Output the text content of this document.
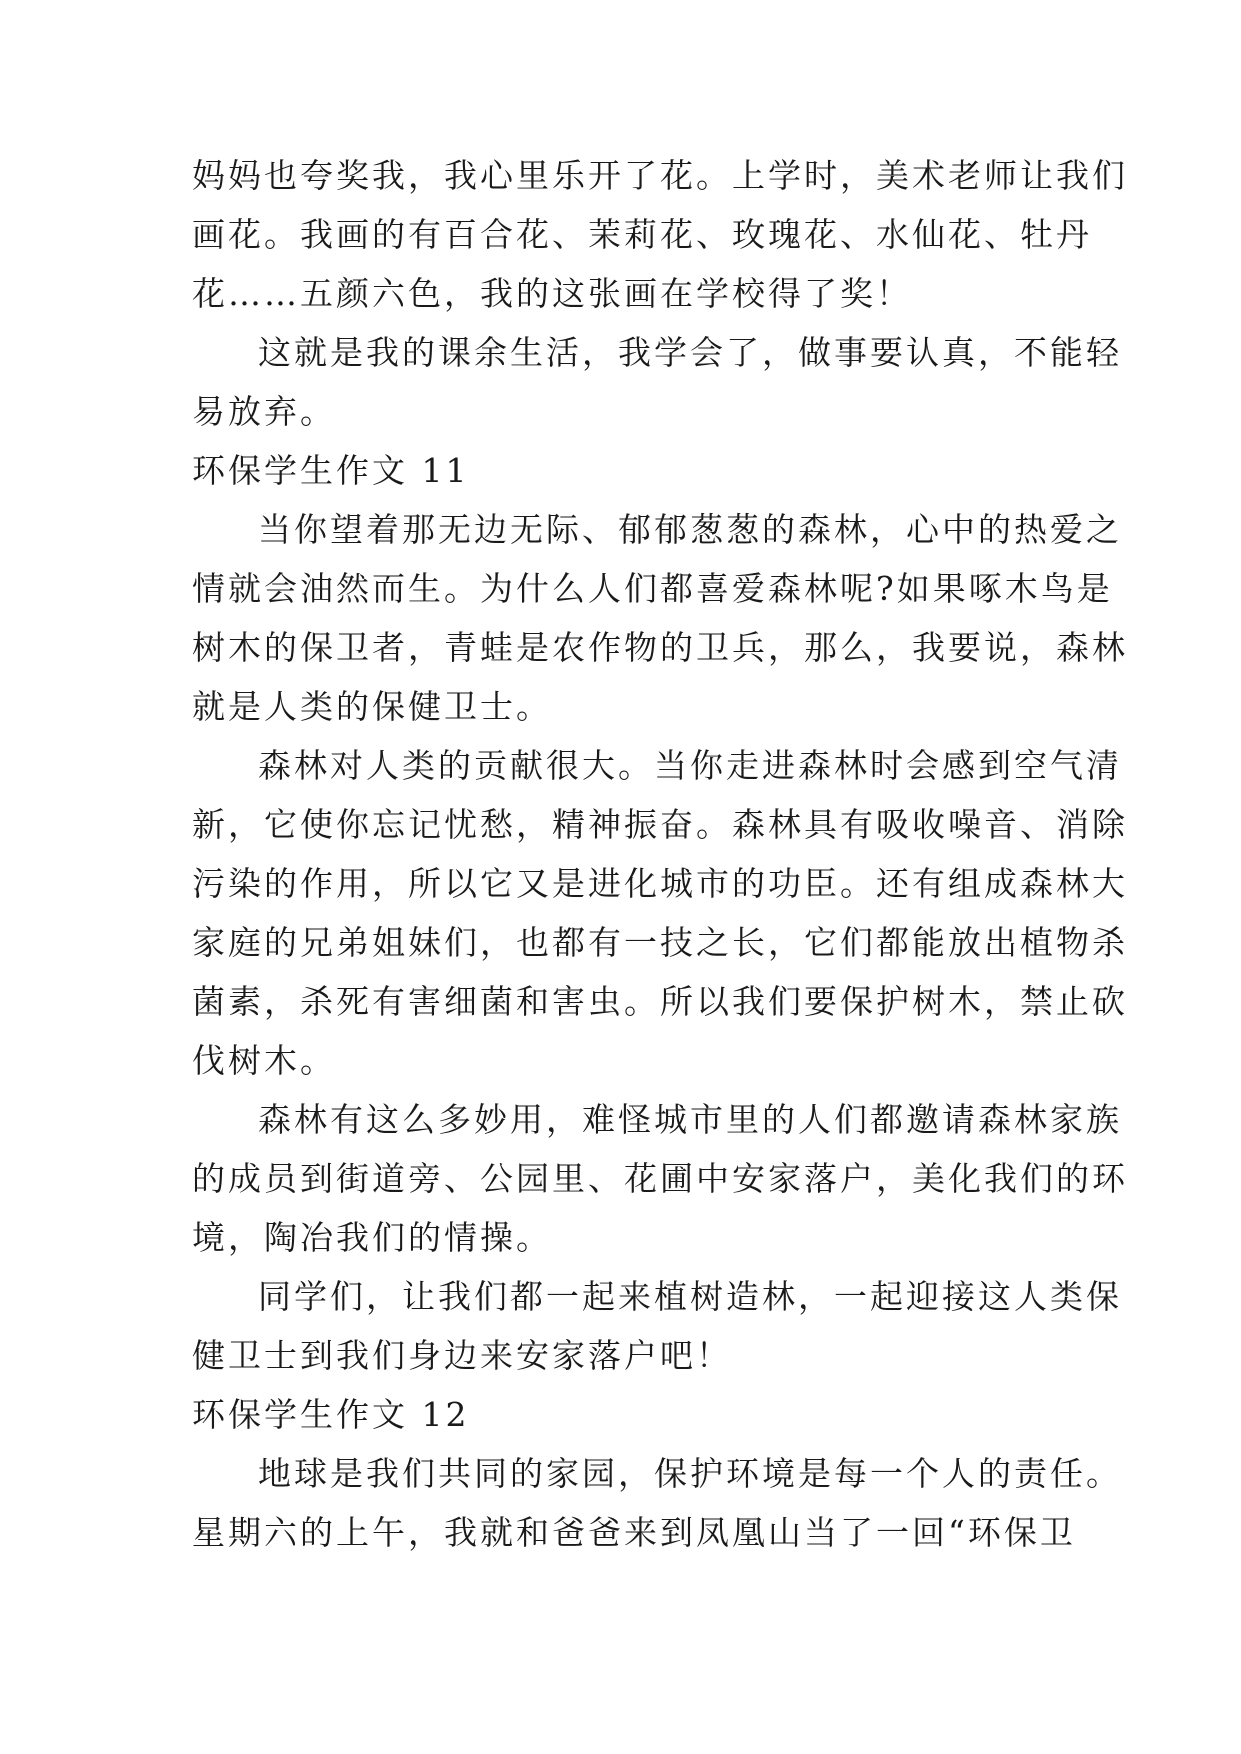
妈妈也夸奖我，我心里乐开了花。上学时，美术老师让我们
画花。我画的有百合花、茉莉花、玫瑰花、水仙花、牡丹
花……五颜六色，我的这张画在学校得了奖！
这就是我的课余生活，我学会了，做事要认真，不能轻
易放弃。
环保学生作文 11
当你望着那无边无际、郁郁葱葱的森林，心中的热爱之
情就会油然而生。为什么人们都喜爱森林呢?如果啄木鸟是
树木的保卫者，青蛙是农作物的卫兵，那么，我要说，森林
就是人类的保健卫士。
森林对人类的贡献很大。当你走进森林时会感到空气清
新，它使你忘记忧愁，精神振奋。森林具有吸收噪音、消除
污染的作用，所以它又是进化城市的功臣。还有组成森林大
家庭的兄弟姐妹们，也都有一技之长，它们都能放出植物杀
菌素，杀死有害细菌和害虫。所以我们要保护树木，禁止砍
伐树木。
森林有这么多妙用，难怪城市里的人们都邀请森林家族
的成员到街道旁、公园里、花圃中安家落户，美化我们的环
境，陶冶我们的情操。
同学们，让我们都一起来植树造林，一起迎接这人类保
健卫士到我们身边来安家落户吧！
环保学生作文 12
地球是我们共同的家园，保护环境是每一个人的责任。
星期六的上午，我就和爸爸来到凤凰山当了一回“环保卫
